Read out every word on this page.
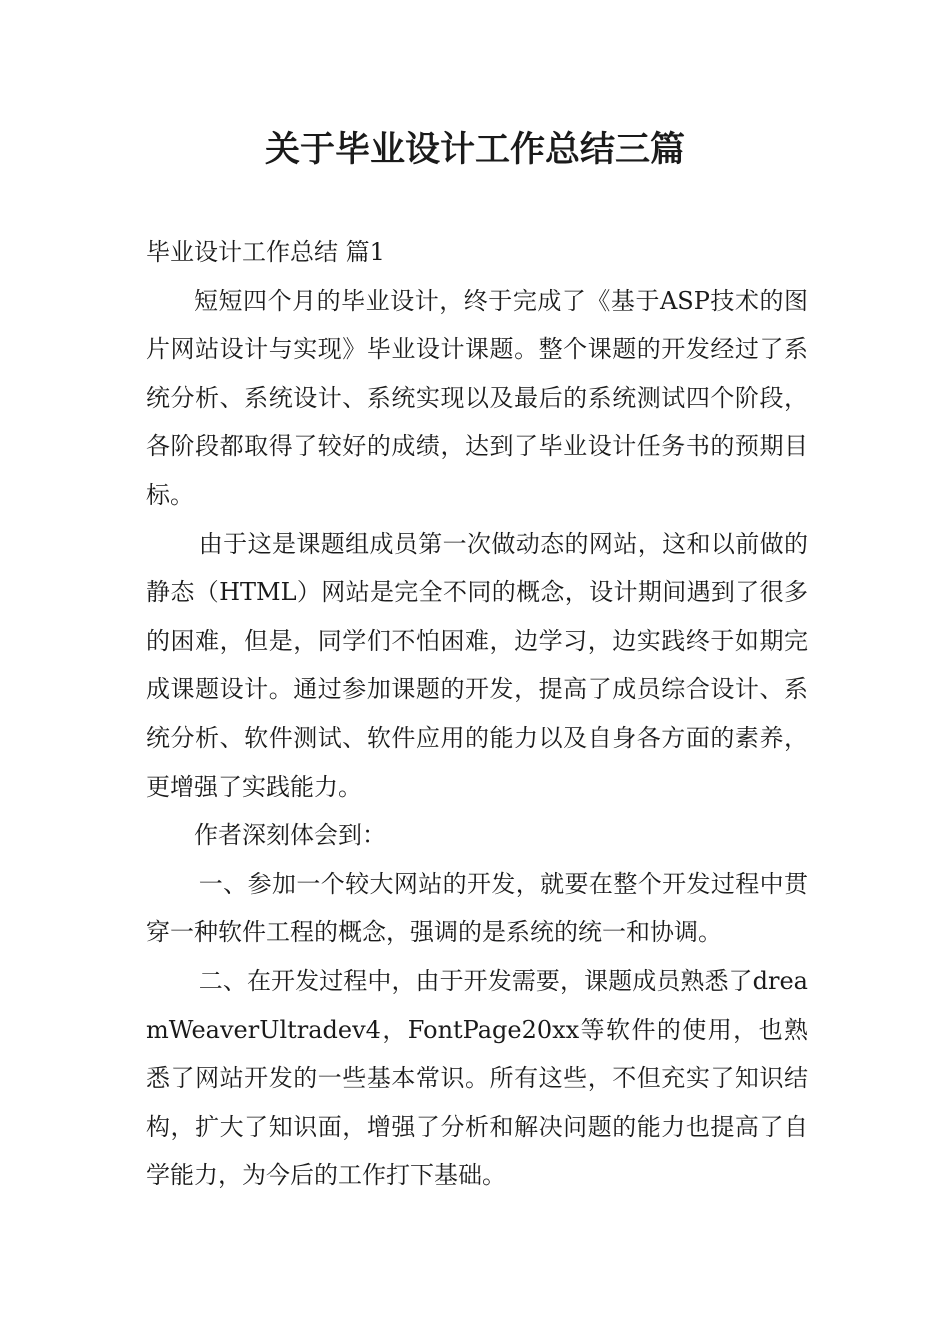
关于毕业设计工作总结三篇

毕业设计工作总结 篇1

短短四个月的毕业设计，终于完成了《基于ASP技术的图片网站设计与实现》毕业设计课题。整个课题的开发经过了系统分析、系统设计、系统实现以及最后的系统测试四个阶段，各阶段都取得了较好的成绩，达到了毕业设计任务书的预期目标。

由于这是课题组成员第一次做动态的网站，这和以前做的静态（HTML）网站是完全不同的概念，设计期间遇到了很多的困难，但是，同学们不怕困难，边学习，边实践终于如期完成课题设计。通过参加课题的开发，提高了成员综合设计、系统分析、软件测试、软件应用的能力以及自身各方面的素养，更增强了实践能力。

作者深刻体会到：

一、参加一个较大网站的开发，就要在整个开发过程中贯穿一种软件工程的概念，强调的是系统的统一和协调。

二、在开发过程中，由于开发需要，课题成员熟悉了dreamWeaverUltradev4，FontPage20xx等软件的使用，也熟悉了网站开发的一些基本常识。所有这些，不但充实了知识结构，扩大了知识面，增强了分析和解决问题的能力也提高了自学能力，为今后的工作打下基础。
